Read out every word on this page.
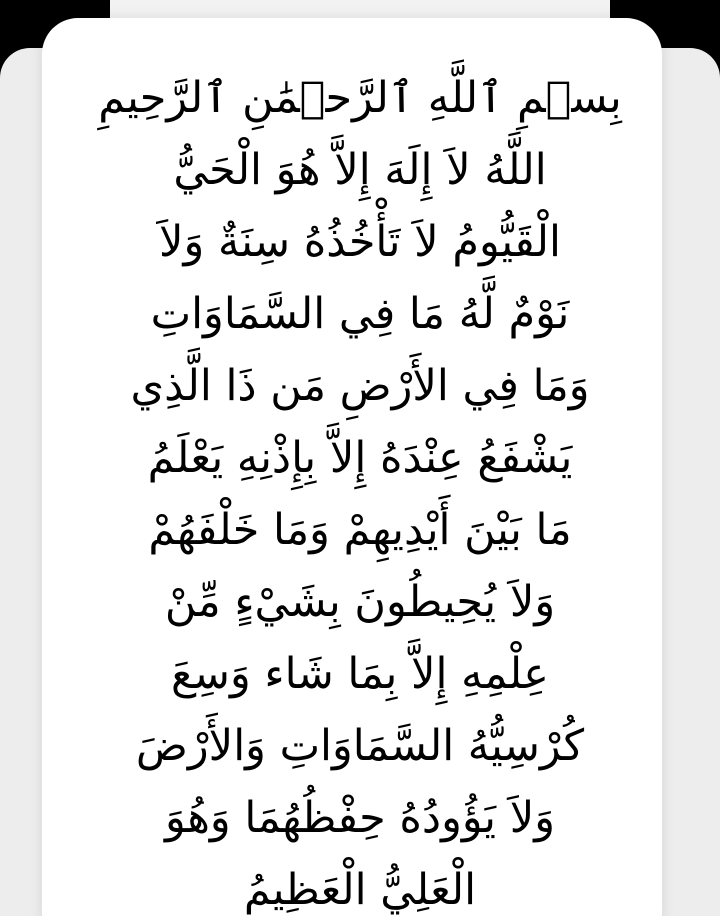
بِسۡمِ ٱللَّهِ ٱلرَّحۡمَٰنِ ٱلرَّحِيمِ
اللَّهُ لاَ إِلَهَ إِلاَّ هُوَ الْحَيُّ
الْقَيُّومُ لاَ تَأْخُذُهُ سِنَةٌ وَلاَ
نَوْمٌ لَّهُ مَا فِي السَّمَاوَاتِ
وَمَا فِي الأَرْضِ مَن ذَا الَّذِي
يَشْفَعُ عِنْدَهُ إِلاَّ بِإِذْنِهِ يَعْلَمُ
مَا بَيْنَ أَيْدِيهِمْ وَمَا خَلْفَهُمْ
وَلاَ يُحِيطُونَ بِشَيْءٍ مِّنْ
عِلْمِهِ إِلاَّ بِمَا شَاء وَسِعَ
كُرْسِيُّهُ السَّمَاوَاتِ وَالأَرْضَ
وَلاَ يَؤُودُهُ حِفْظُهُمَا وَهُوَ
الْعَلِيُّ الْعَظِيمُ
